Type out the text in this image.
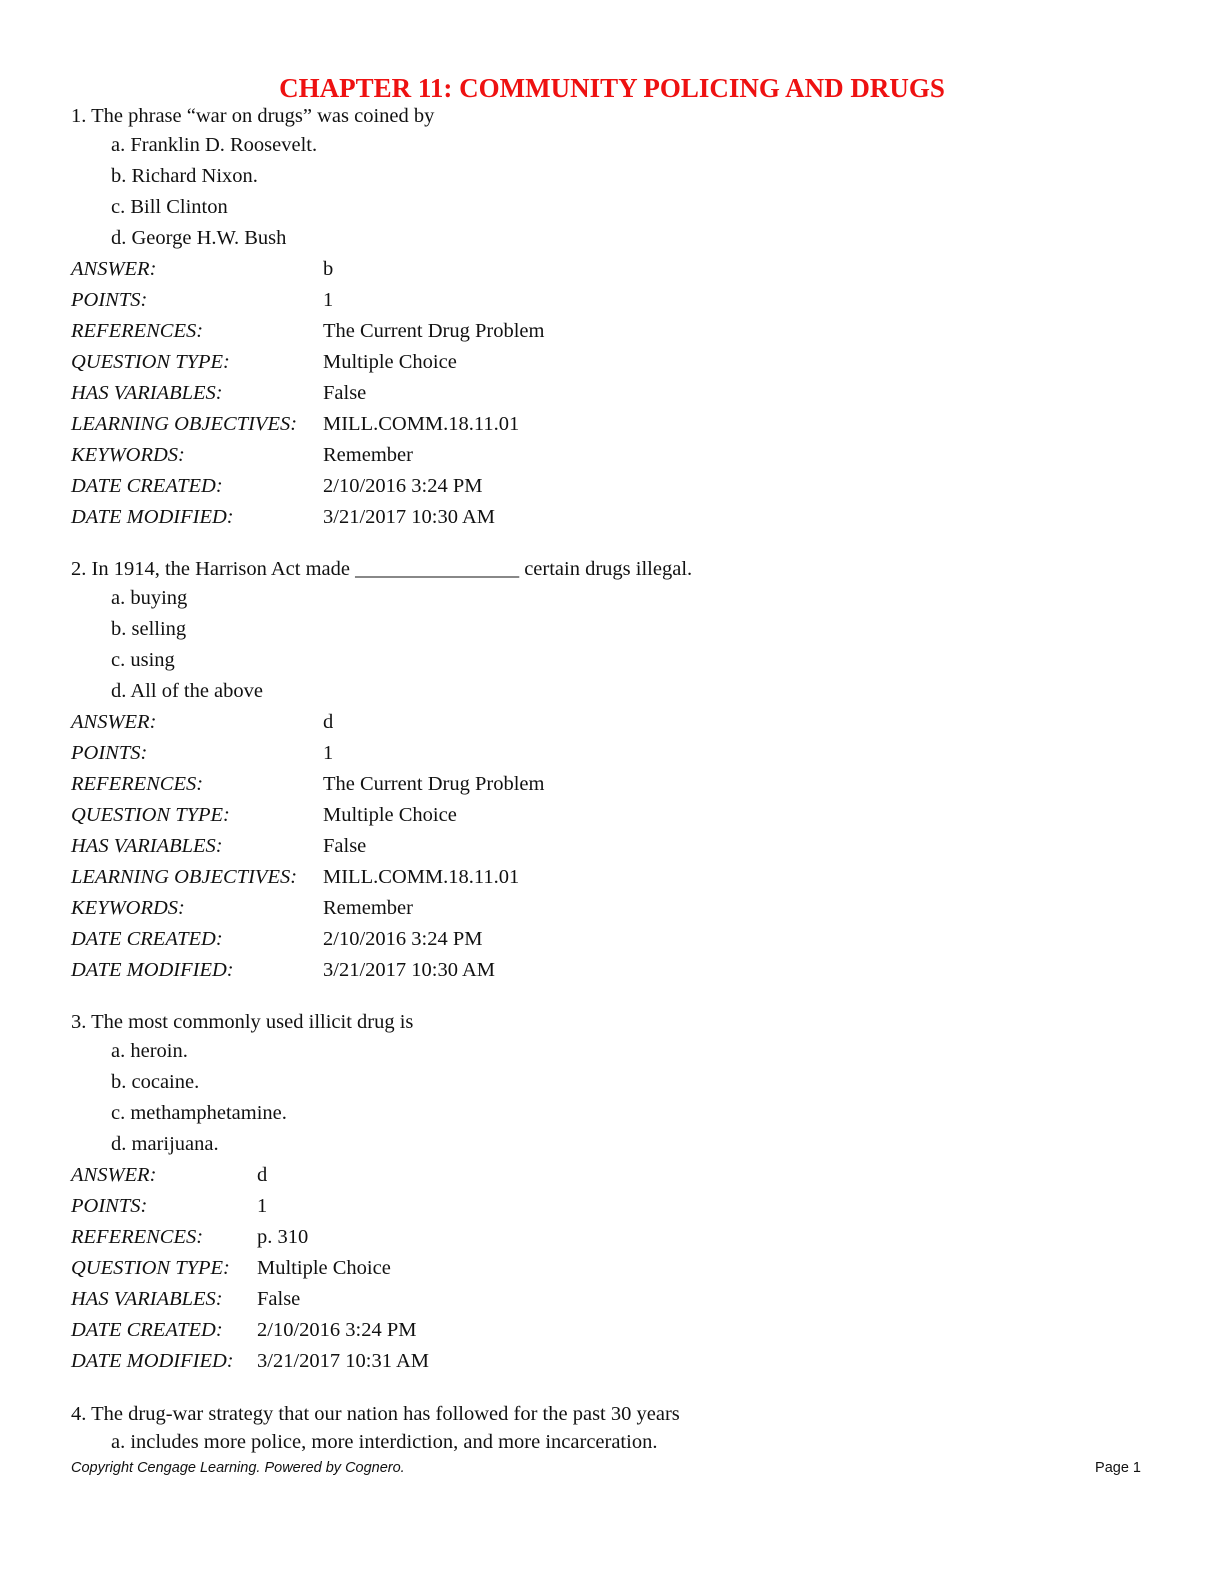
CHAPTER 11: COMMUNITY POLICING AND DRUGS

1. The phrase “war on drugs” was coined by

a. Franklin D. Roosevelt.
b. Richard Nixon.
c. Bill Clinton
d. George H.W. Bush
ANSWER:	b
POINTS:	1
REFERENCES:	The Current Drug Problem
QUESTION TYPE:	Multiple Choice
HAS VARIABLES:	False
LEARNING OBJECTIVES:	MILL.COMM.18.11.01
KEYWORDS:	Remember
DATE CREATED:	2/10/2016 3:24 PM
DATE MODIFIED:	3/21/2017 10:30 AM

2. In 1914, the Harrison Act made ________________ certain drugs illegal.

a. buying
b. selling
c. using
d. All of the above
ANSWER:	d
POINTS:	1
REFERENCES:	The Current Drug Problem
QUESTION TYPE:	Multiple Choice
HAS VARIABLES:	False
LEARNING OBJECTIVES:	MILL.COMM.18.11.01
KEYWORDS:	Remember
DATE CREATED:	2/10/2016 3:24 PM
DATE MODIFIED:	3/21/2017 10:30 AM

3. The most commonly used illicit drug is

a. heroin.
b. cocaine.
c. methamphetamine.
d. marijuana.
ANSWER:	d
POINTS:	1
REFERENCES:	p. 310
QUESTION TYPE:	Multiple Choice
HAS VARIABLES:	False
DATE CREATED:	2/10/2016 3:24 PM
DATE MODIFIED:	3/21/2017 10:31 AM

4. The drug-war strategy that our nation has followed for the past 30 years

a. includes more police, more interdiction, and more incarceration.
Copyright Cengage Learning. Powered by Cognero.	Page 1
